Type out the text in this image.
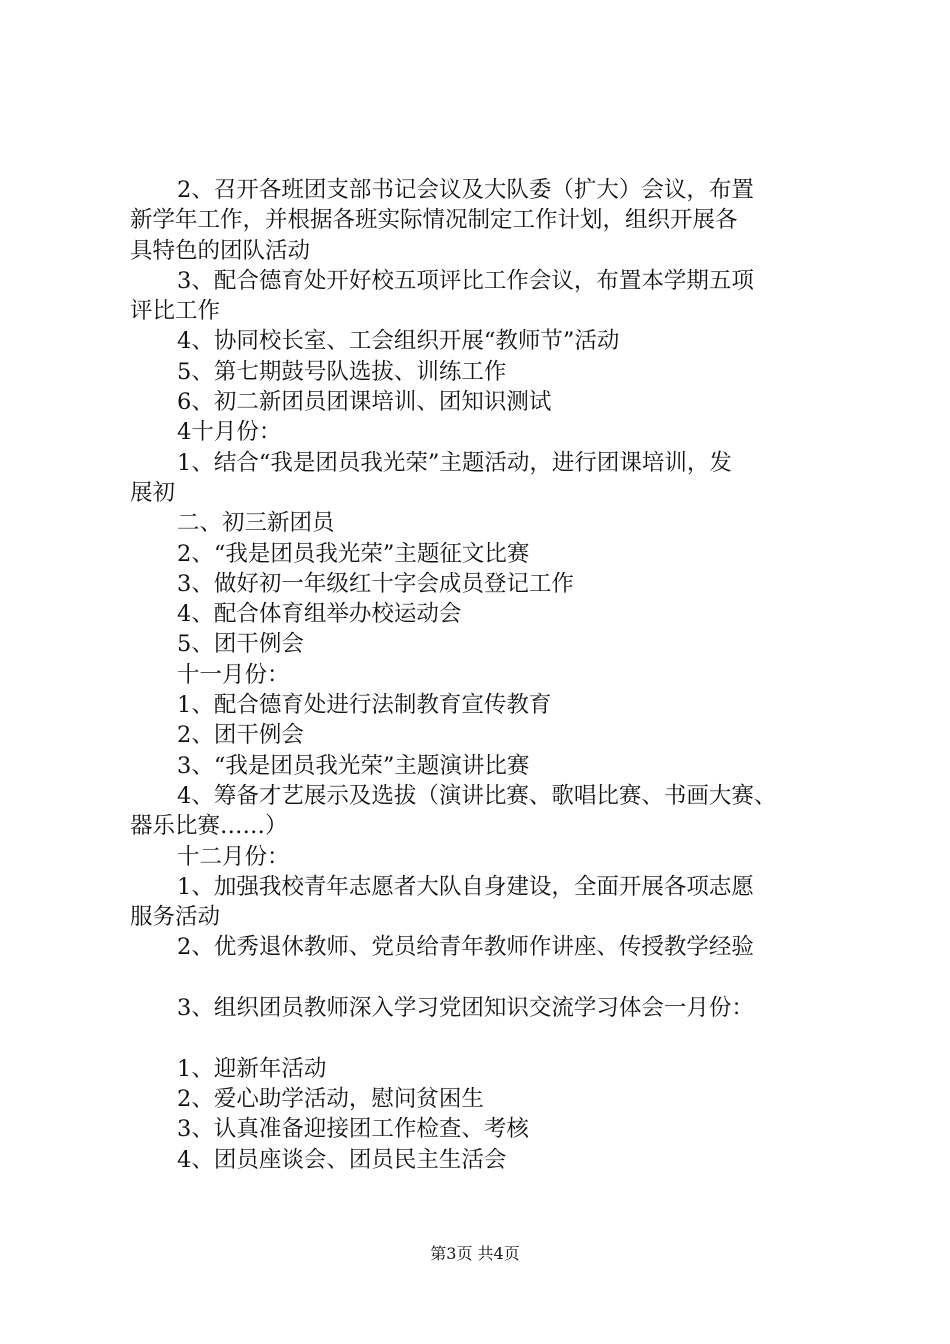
2、召开各班团支部书记会议及大队委（扩大）会议，布置
新学年工作，并根据各班实际情况制定工作计划，组织开展各
具特色的团队活动
3、配合德育处开好校五项评比工作会议，布置本学期五项
评比工作
4、协同校长室、工会组织开展“教师节”活动
5、第七期鼓号队选拔、训练工作
6、初二新团员团课培训、团知识测试
4十月份：
1、结合“我是团员我光荣”主题活动，进行团课培训，发
展初
二、初三新团员
2、“我是团员我光荣”主题征文比赛
3、做好初一年级红十字会成员登记工作
4、配合体育组举办校运动会
5、团干例会
十一月份：
1、配合德育处进行法制教育宣传教育
2、团干例会
3、“我是团员我光荣”主题演讲比赛
4、筹备才艺展示及选拔（演讲比赛、歌唱比赛、书画大赛、
器乐比赛……）
十二月份：
1、加强我校青年志愿者大队自身建设，全面开展各项志愿
服务活动
2、优秀退休教师、党员给青年教师作讲座、传授教学经验
3、组织团员教师深入学习党团知识交流学习体会一月份：
1、迎新年活动
2、爱心助学活动，慰问贫困生
3、认真准备迎接团工作检查、考核
4、团员座谈会、团员民主生活会
第3页 共4页
